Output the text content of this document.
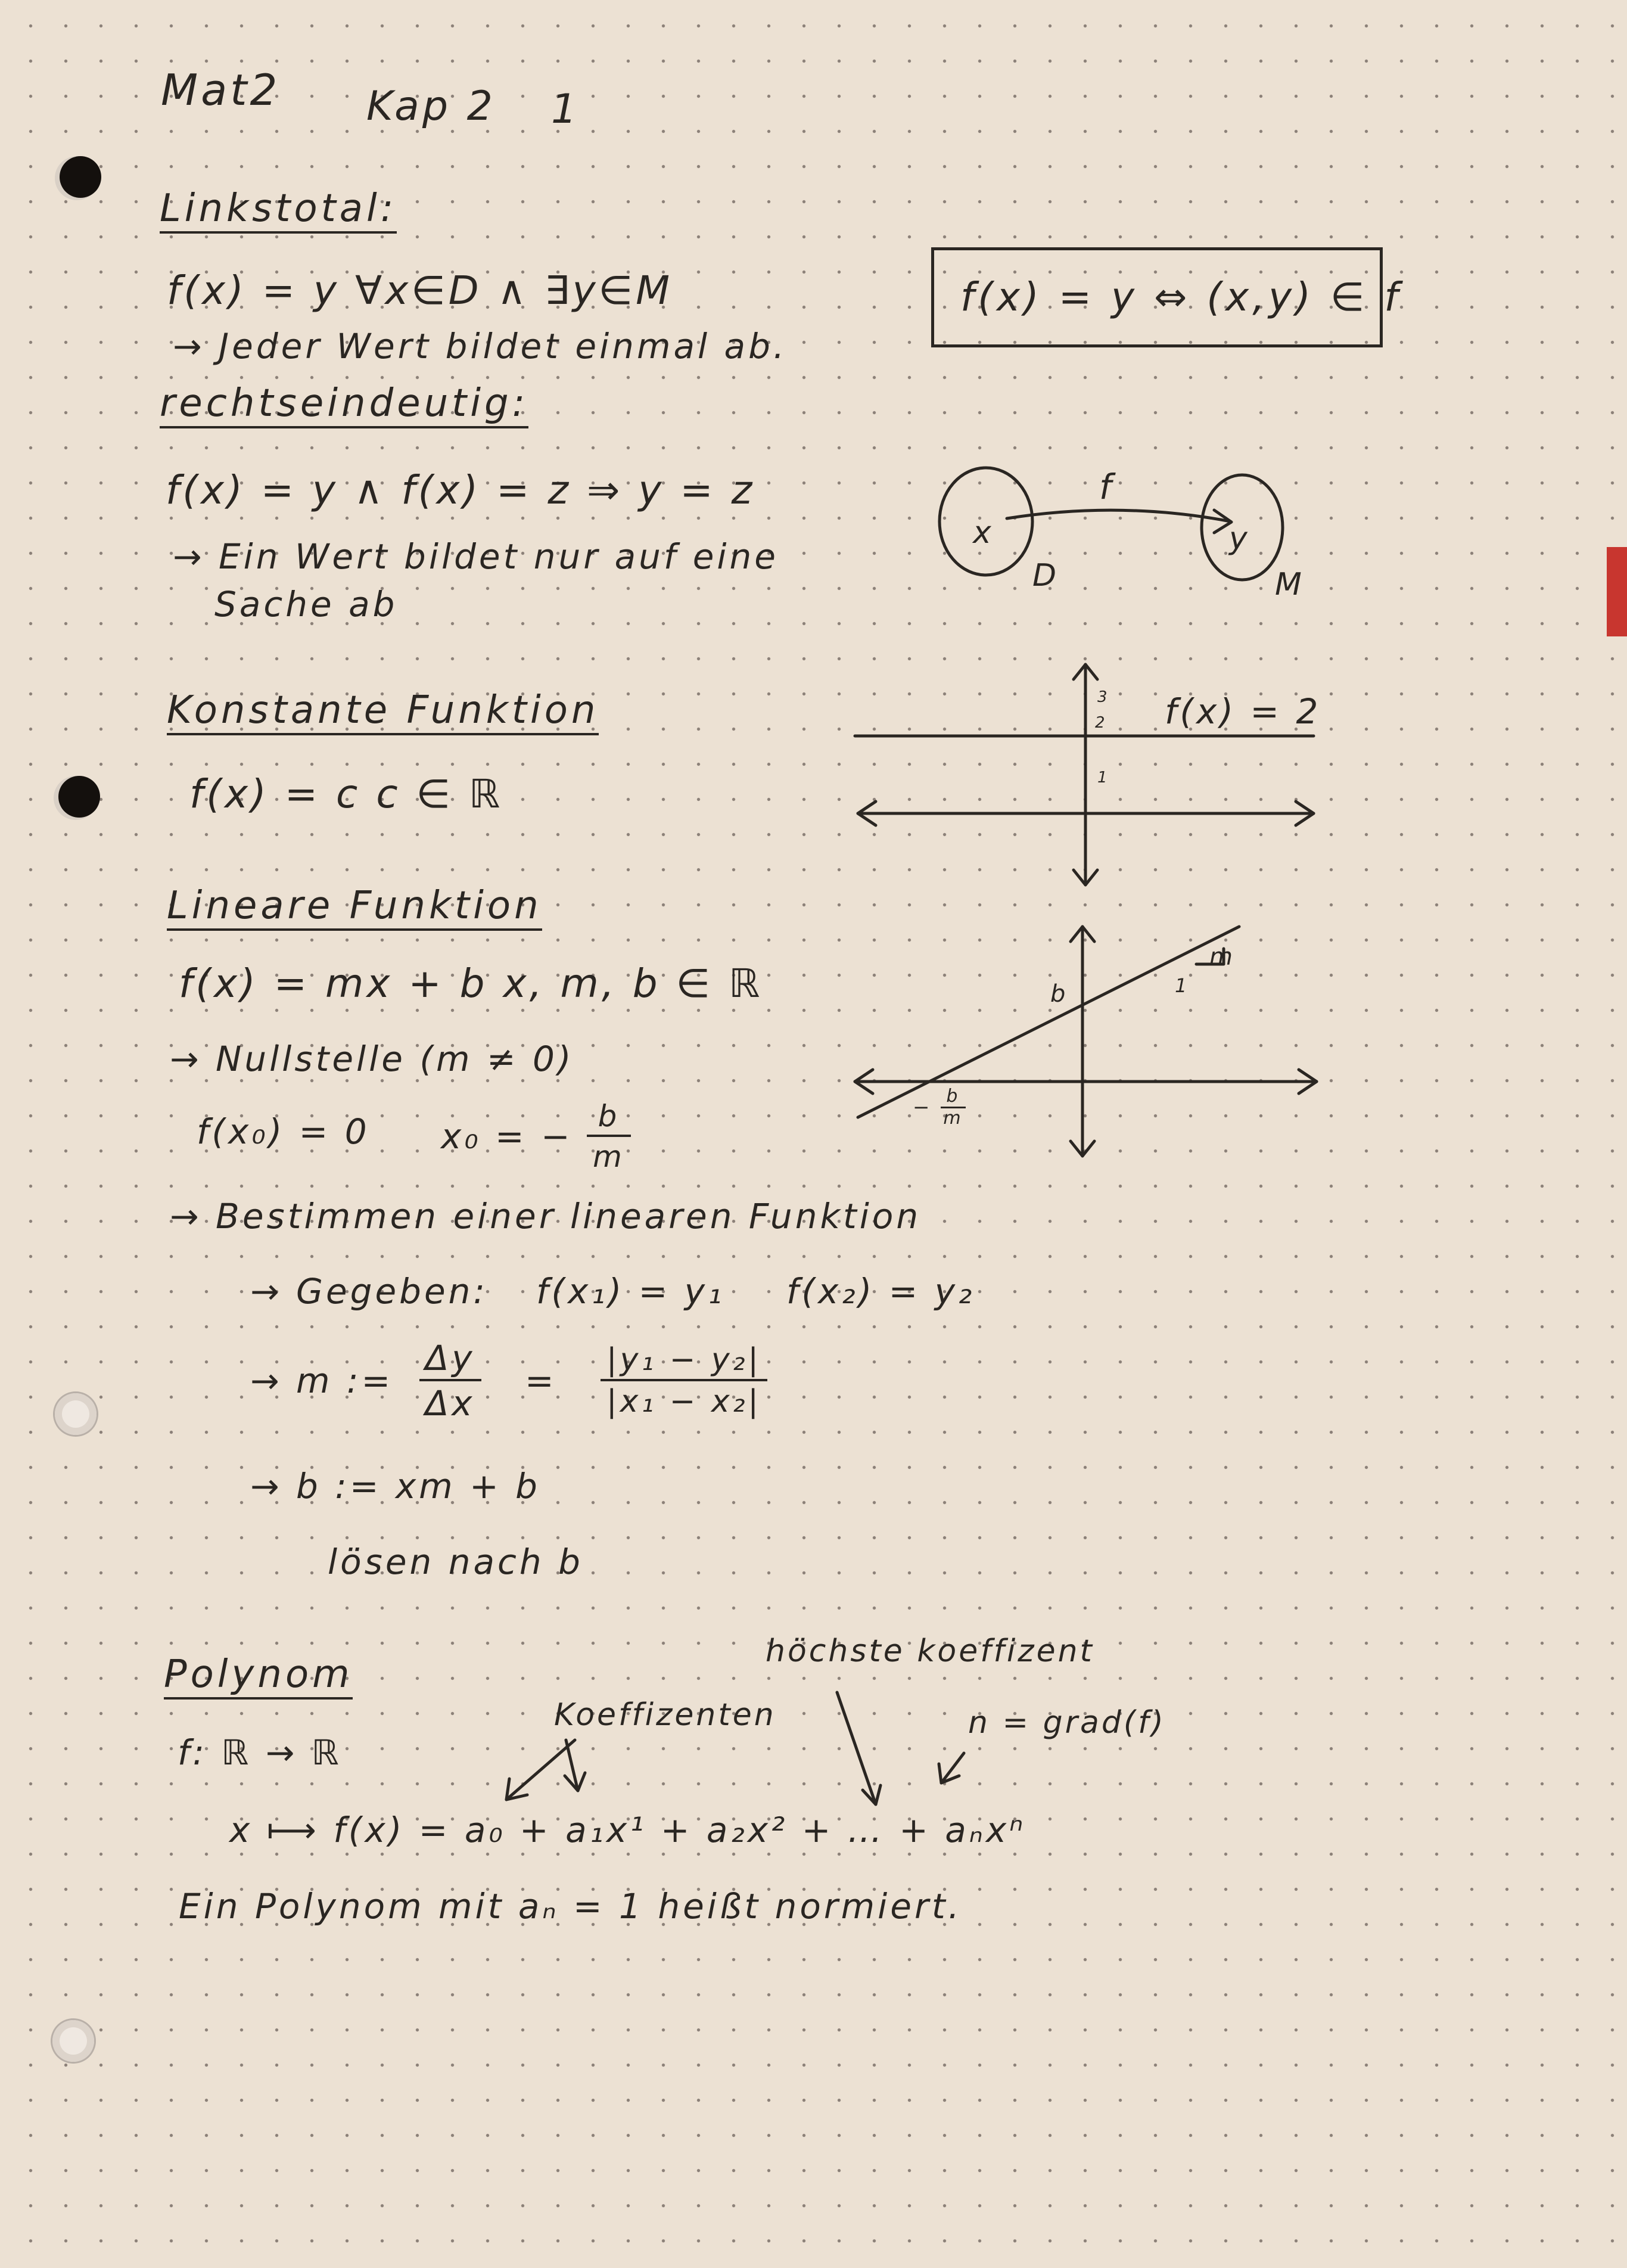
Mat2 Kap 2 1
Linkstotal:
f(x) = y ∀x∈D ∧ ∃y∈M
→ Jeder Wert bildet einmal ab.
f(x) = y ⇔ (x,y) ∈ f
rechtseindeutig:
f(x) = y ∧ f(x) = z ⇒ y = z
→ Ein Wert bildet nur auf eine
Sache ab
f
x	y
D	M
Konstante Funktion
f(x) = c c ∈ ℝ
3
2
1
f(x) = 2
Lineare Funktion
f(x) = mx + b x, m, b ∈ ℝ
→ Nullstelle (m ≠ 0)
f(x₀) = 0 x₀ = − $\frac{b}{m}$
→ Bestimmen einer linearen Funktion
→ Gegeben: f(x₁) = y₁ f(x₂) = y₂
→ m := $\frac{\Delta y}{\Delta x} = \frac{\text{|y₁ − y₂|}}{\text{|x₁ − x₂|}}$
→ b := xm + b
lösen nach b
b
m
1
− $\frac{b}{m}$
Polynom
f: ℝ → ℝ
x ⟼ f(x) = a₀ + a₁x¹ + a₂x² + … + aₙxⁿ
Koeffizenten
höchste koeffizent
n = grad(f)
Ein Polynom mit aₙ = 1 heißt normiert.
